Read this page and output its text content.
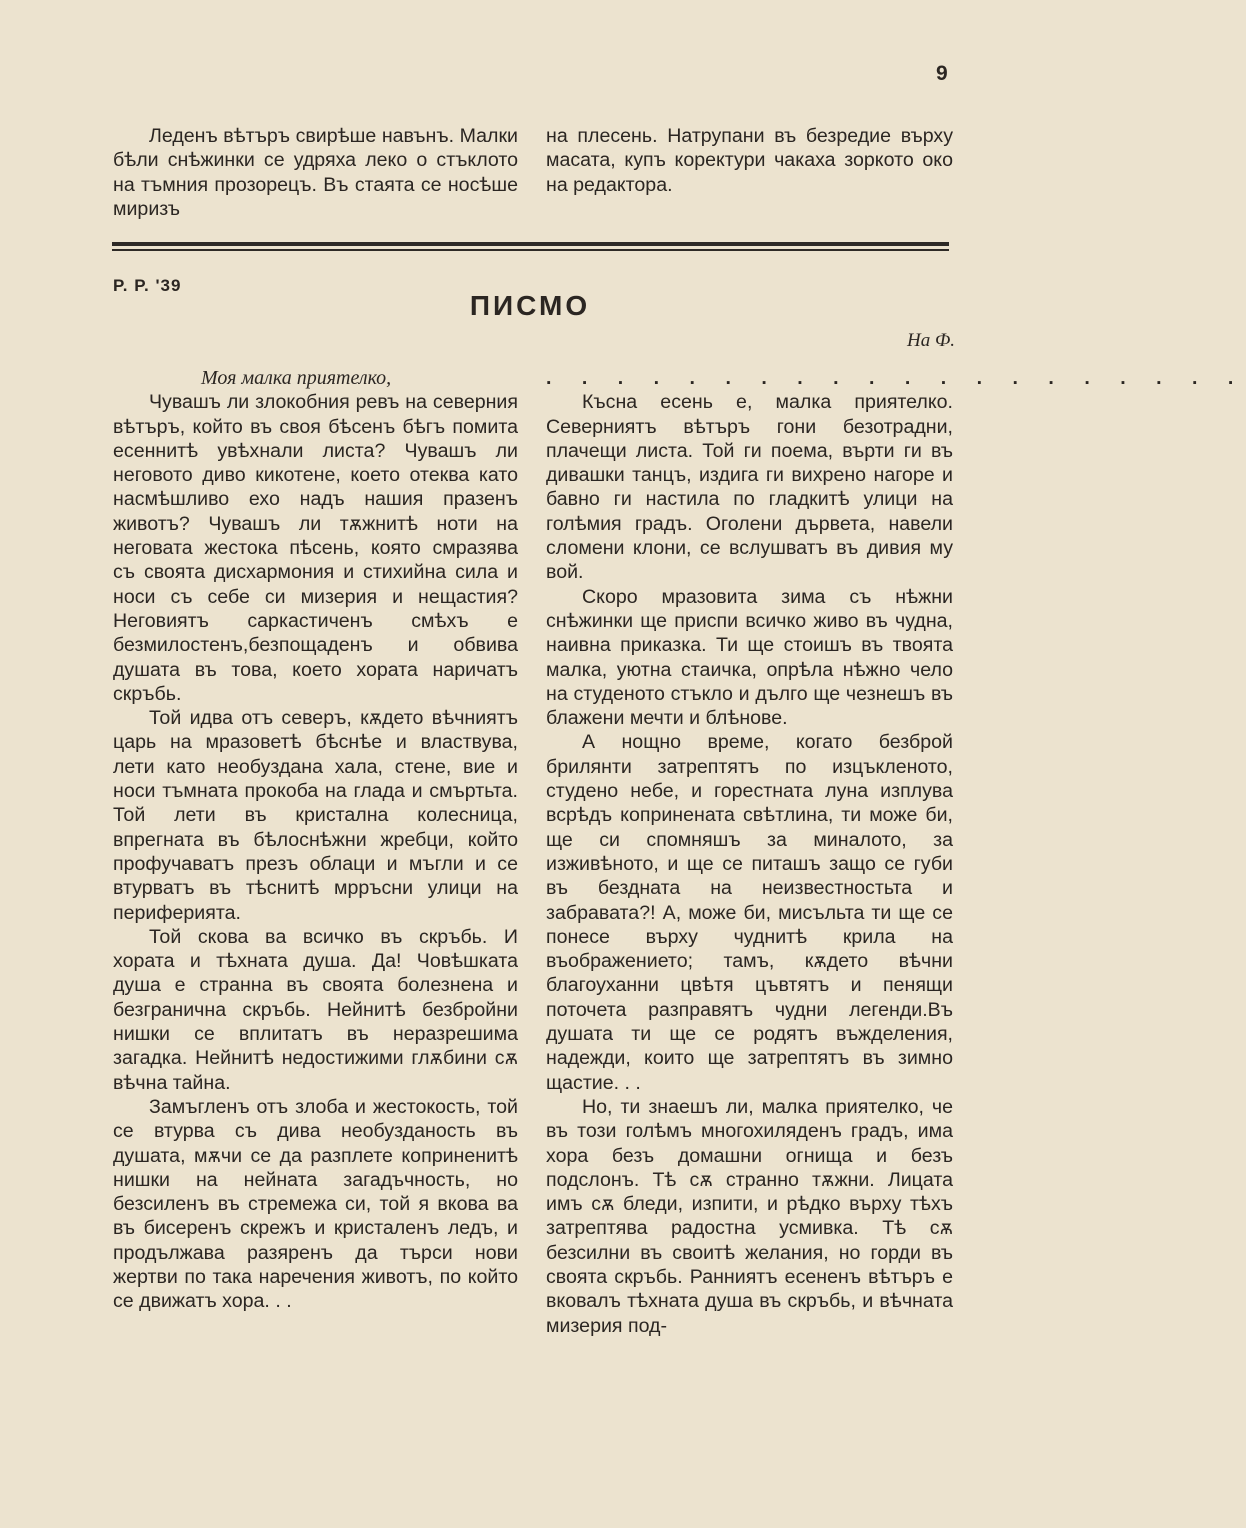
9

Леденъ вѣтъръ свирѣше навънъ. Малки бѣли снѣжинки се удряха леко о стъклото на тъмния прозорецъ. Въ стаята се носѣше миризъ

на плесень. Натрупани въ безредие върху масата, купъ коректури чакаха зоркото око на редактора.

Р. Р. '39
ПИСМО
На Ф.

Моя малка приятелко,

Чувашъ ли злокобния ревъ на северния вѣтъръ, който въ своя бѣсенъ бѣгъ помита есеннитѣ увѣхнали листа? Чувашъ ли неговото диво кикотене, което отеква като насмѣшливо ехо надъ нашия празенъ животъ? Чувашъ ли тѫжнитѣ ноти на неговата жестока пѣсень, която смразява съ своята дисхармония и стихийна сила и носи съ себе си мизерия и нещастия? Неговиятъ саркастиченъ смѣхъ е безмилостенъ,безпощаденъ и обвива душата въ това, което хората наричатъ скръбь.

Той идва отъ северъ, кѫдето вѣчниятъ царь на мразоветѣ бѣснѣе и властвува, лети като необуздана хала, стене, вие и носи тъмната прокоба на глада и смъртьта. Той лети въ кристална колесница, впрегната въ бѣлоснѣжни жребци, който профучаватъ презъ облаци и мъгли и се втурватъ въ тѣснитѣ мрръсни улици на периферията.

Той скова вa всичко въ скръбь. И хората и тѣхната душа. Да! Човѣшката душа е странна въ своята болезнена и безгранична скръбь. Нейнитѣ безбройни нишки се вплитатъ въ неразрешима загадка. Нейнитѣ недостижими глѫбини сѫ вѣчна тайна.

Замъгленъ отъ злоба и жестокость, той се втурва съ дива необузданость въ душата, мѫчи се да разплете коприненитѣ нишки на нейната загадъчность, но безсиленъ въ стремежа си, той я вкова ва въ бисеренъ скрежъ и кристаленъ ледъ, и продължава разяренъ да търси нови жертви по така наречения животъ, по който се движатъ хора. . .

. . . . . . . . . . . . . . . . . . . .

Късна есень е, малка приятелко. Северниятъ вѣтъръ гони безотрадни, плачещи листа. Той ги поема, върти ги въ дивашки танцъ, издига ги вихрено нагоре и бавно ги настила по гладкитѣ улици на голѣмия градъ. Оголени дървета, навели сломени клони, се вслушватъ въ дивия му вой.

Скоро мразовита зима съ нѣжни снѣжинки ще приспи всичко живо въ чудна, наивна приказка. Ти ще стоишъ въ твоята малка, уютна стаичка, опрѣла нѣжно чело на студеното стъкло и дълго ще чезнешъ въ блажени мечти и блѣнове.

А нощно време, когато безброй брилянти затрептятъ по изцъкленото, студено небе, и горестната луна изплува всрѣдъ копринената свѣтлина, ти може би, ще си спомняшъ за миналото, за изживѣното, и ще се питашъ защо се губи въ бездната на неизвестностьта и забравата?! А, може би, мисъльта ти ще се понесе върху чуднитѣ крила на въображението; тамъ, кѫдето вѣчни благоуханни цвѣтя цъвтятъ и пенящи поточета разправятъ чудни легенди.Въ душата ти ще се родятъ въжделения, надежди, които ще затрептятъ въ зимно щастие. . .

Но, ти знаешъ ли, малка приятелко, че въ този голѣмъ многохиляденъ градъ, има хора безъ домашни огнища и безъ подслонъ. Тѣ сѫ странно тѫжни. Лицата имъ сѫ бледи, изпити, и рѣдко върху тѣхъ затрептява радостна усмивка. Тѣ сѫ безсилни въ своитѣ желания, но горди въ своята скръбь. Ранниятъ есененъ вѣтъръ е вковалъ тѣхната душа въ скръбь, и вѣчната мизерия под-
